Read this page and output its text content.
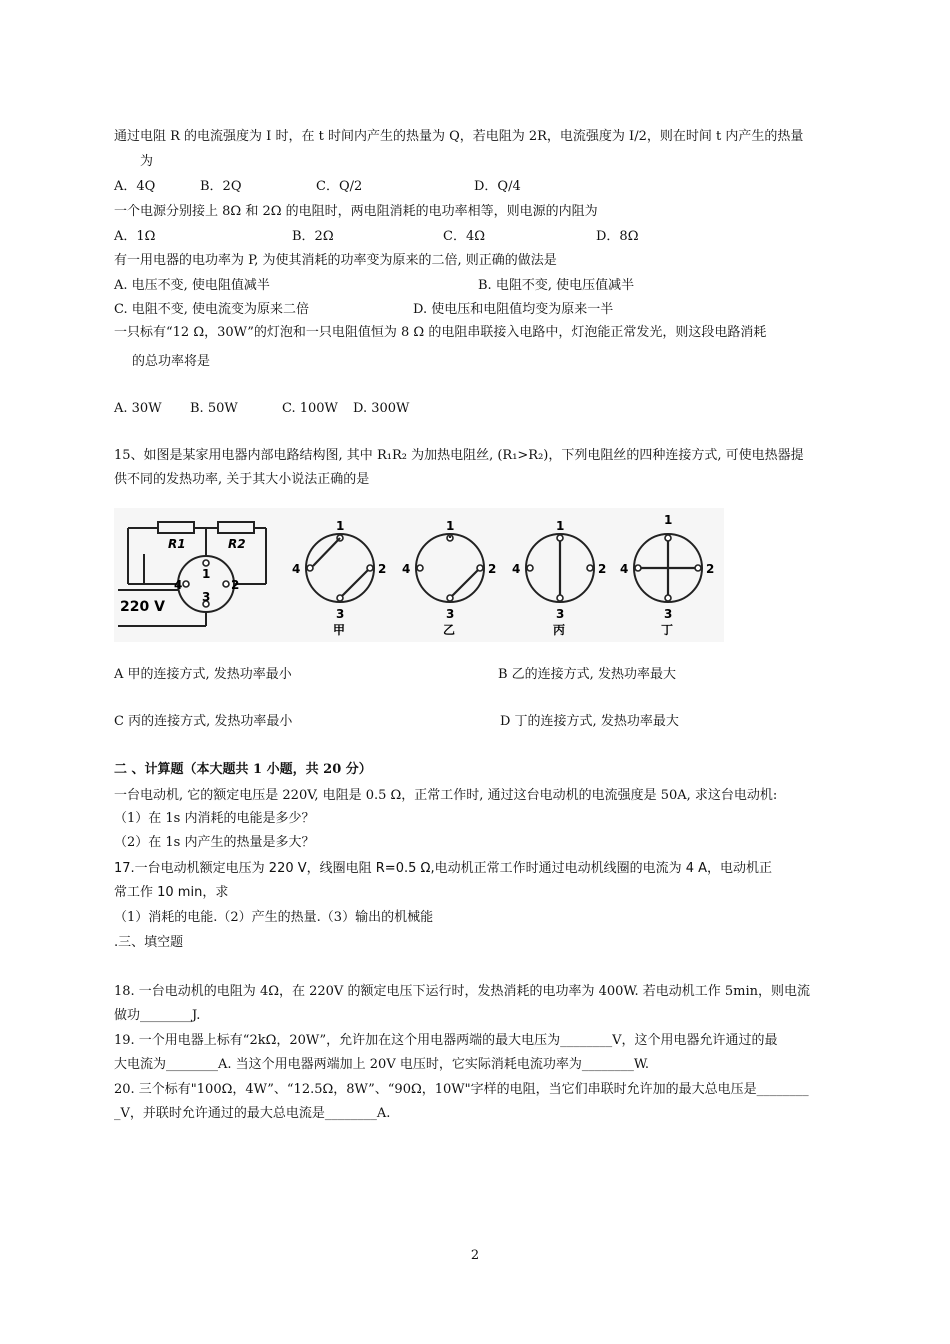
通过电阻 R 的电流强度为 I 时，在 t 时间内产生的热量为 Q，若电阻为 2R，电流强度为 I/2，则在时间 t 内产生的热量
为
A．4Q	B．2Q	C．Q/2	D．Q/4
一个电源分别接上 8Ω 和 2Ω 的电阻时，两电阻消耗的电功率相等，则电源的内阻为
A．1Ω	B．2Ω	C．4Ω	D．8Ω
有一用电器的电功率为 P, 为使其消耗的功率变为原来的二倍, 则正确的做法是
A. 电压不变, 使电阻值减半	B. 电阻不变, 使电压值减半
C. 电阻不变, 使电流变为原来二倍	D. 使电压和电阻值均变为原来一半
一只标有“12 Ω，30W”的灯泡和一只电阻值恒为 8 Ω 的电阻串联接入电路中，灯泡能正常发光，则这段电路消耗
的总功率将是
A. 30W B. 50W	C. 100W D. 300W
15、如图是某家用电器内部电路结构图, 其中 R₁R₂ 为加热电阻丝, (R₁>R₂)，下列电阻丝的四种连接方式, 可使电热器提
供不同的发热功率, 关于其大小说法正确的是
R1	R2
4
1
2
3
220 V
1
4	2
3
甲
1
4	2
3
乙
1
4	2
3
丙
1
4	2
3
丁
A 甲的连接方式, 发热功率最小	B 乙的连接方式, 发热功率最大
C 丙的连接方式, 发热功率最小	D 丁的连接方式, 发热功率最大
二 、计算题（本大题共 1 小题，共 20 分）
一台电动机, 它的额定电压是 220V, 电阻是 0.5 Ω，正常工作时, 通过这台电动机的电流强度是 50A, 求这台电动机:
（1）在 1s 内消耗的电能是多少？
（2）在 1s 内产生的热量是多大？
17.一台电动机额定电压为 220 V，线圈电阻 R=0.5 Ω,电动机正常工作时通过电动机线圈的电流为 4 A，电动机正
常工作 10 min，求
（1）消耗的电能.（2）产生的热量.（3）输出的机械能
.三、填空题
18. 一台电动机的电阻为 4Ω，在 220V 的额定电压下运行时，发热消耗的电功率为 400W. 若电动机工作 5min，则电流
做功________J.
19. 一个用电器上标有“2kΩ，20W”，允许加在这个用电器两端的最大电压为________V，这个用电器允许通过的最
大电流为________A. 当这个用电器两端加上 20V 电压时，它实际消耗电流功率为________W.
20. 三个标有"100Ω，4W”、“12.5Ω，8W”、“90Ω，10W"字样的电阻，当它们串联时允许加的最大总电压是________
_V，并联时允许通过的最大总电流是________A.
2
